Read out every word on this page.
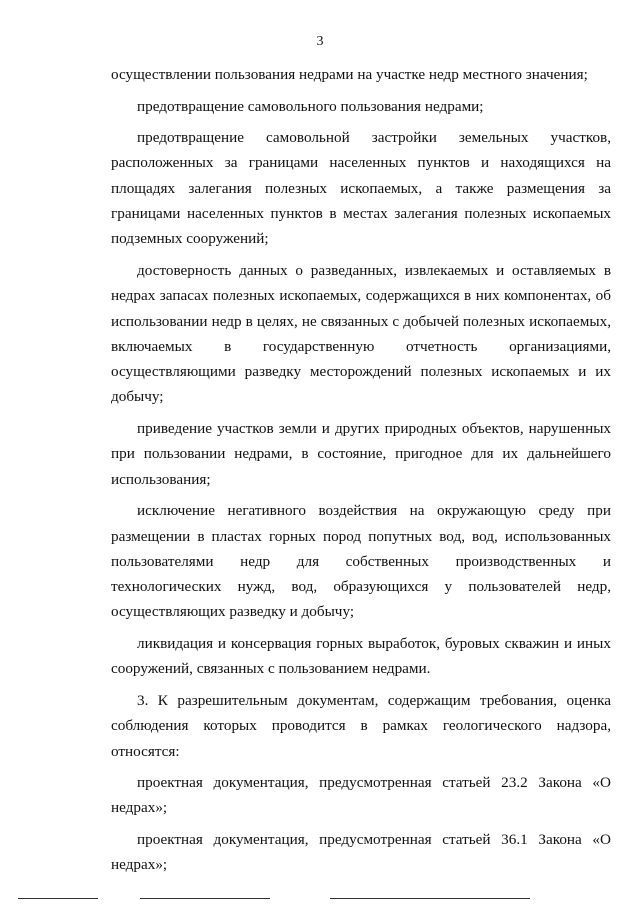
3

осуществлении пользования недрами на участке недр местного значения;

предотвращение самовольного пользования недрами;

предотвращение самовольной застройки земельных участков, расположенных за границами населенных пунктов и находящихся на площадях залегания полезных ископаемых, а также размещения за границами населенных пунктов в местах залегания полезных ископаемых подземных сооружений;

достоверность данных о разведанных, извлекаемых и оставляемых в недрах запасах полезных ископаемых, содержащихся в них компонентах, об использовании недр в целях, не связанных с добычей полезных ископаемых, включаемых в государственную отчетность организациями, осуществляющими разведку месторождений полезных ископаемых и их добычу;

приведение участков земли и других природных объектов, нарушенных при пользовании недрами, в состояние, пригодное для их дальнейшего использования;

исключение негативного воздействия на окружающую среду при размещении в пластах горных пород попутных вод, вод, использованных пользователями недр для собственных производственных и технологических нужд, вод, образующихся у пользователей недр, осуществляющих разведку и добычу;

ликвидация и консервация горных выработок, буровых скважин и иных сооружений, связанных с пользованием недрами.

3. К разрешительным документам, содержащим требования, оценка соблюдения которых проводится в рамках геологического надзора, относятся:

проектная документация, предусмотренная статьей 23.2 Закона «О недрах»;

проектная документация, предусмотренная статьей 36.1 Закона «О недрах»;
